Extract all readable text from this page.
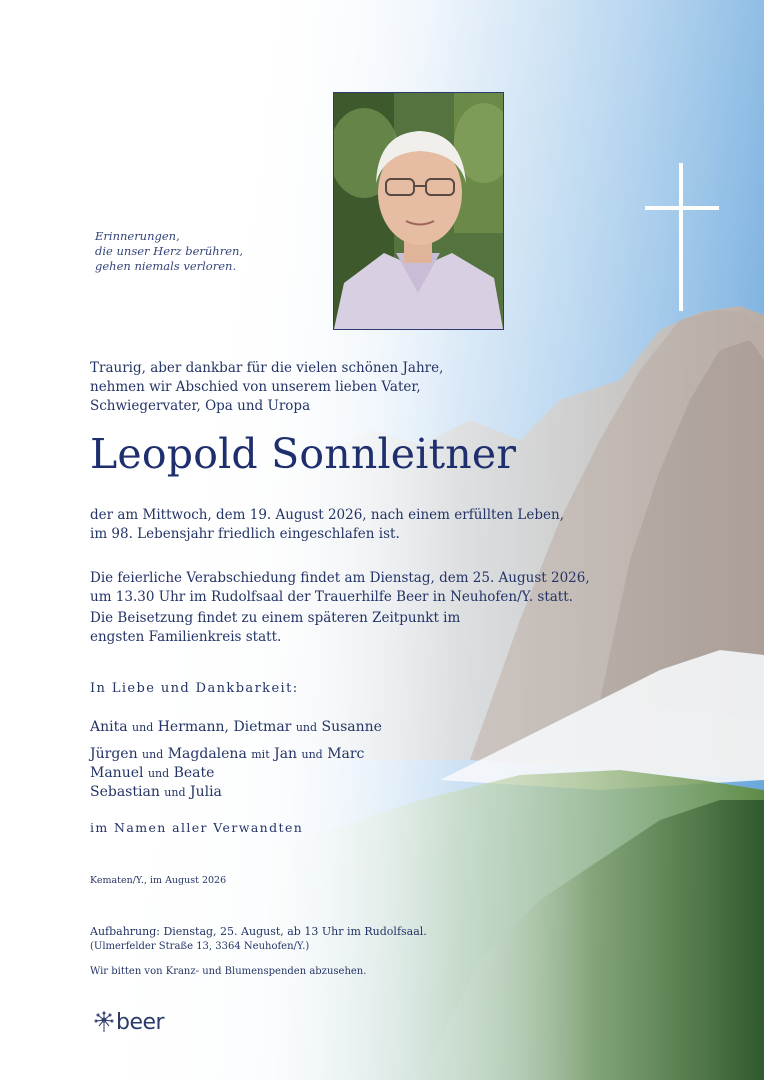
Erinnerungen,
die unser Herz berühren,
gehen niemals verloren.
Traurig, aber dankbar für die vielen schönen Jahre,
nehmen wir Abschied von unserem lieben Vater,
Schwiegervater, Opa und Uropa
Leopold Sonnleitner
der am Mittwoch, dem 19. August 2026, nach einem erfüllten Leben,
im 98. Lebensjahr friedlich eingeschlafen ist.
Die feierliche Verabschiedung findet am Dienstag, dem 25. August 2026,
um 13.30 Uhr im Rudolfsaal der Trauerhilfe Beer in Neuhofen/Y. statt.
Die Beisetzung findet zu einem späteren Zeitpunkt im
engsten Familienkreis statt.
In Liebe und Dankbarkeit:
Anita und Hermann, Dietmar und Susanne
Jürgen und Magdalena mit Jan und Marc
Manuel und Beate
Sebastian und Julia
im Namen aller Verwandten
Kematen/Y., im August 2026
Aufbahrung: Dienstag, 25. August, ab 13 Uhr im Rudolfsaal.
(Ulmerfelder Straße 13, 3364 Neuhofen/Y.)
Wir bitten von Kranz- und Blumenspenden abzusehen.
beer
